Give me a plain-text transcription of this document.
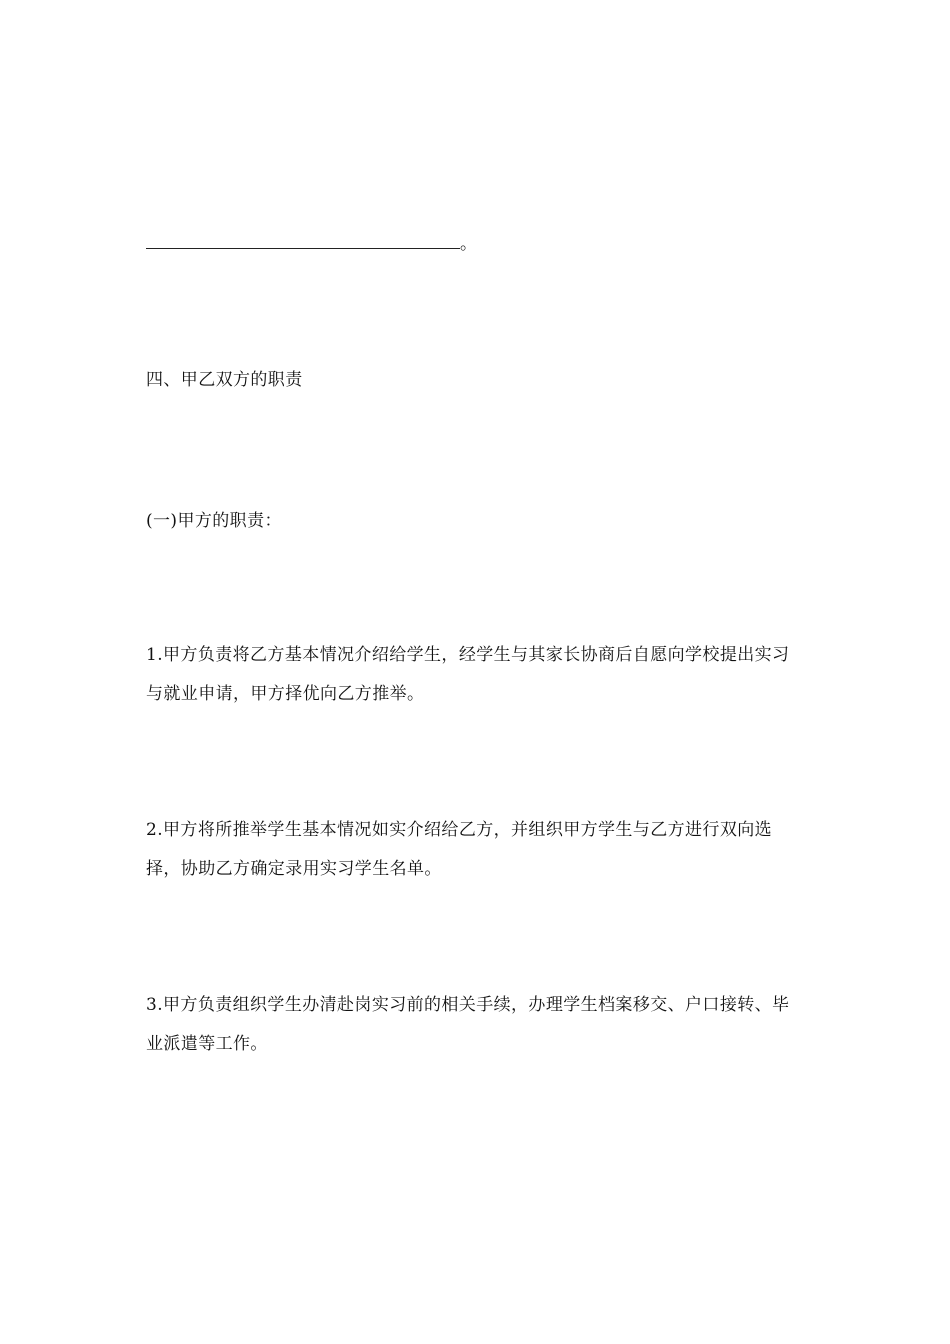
。

四、甲乙双方的职责

(一)甲方的职责：

1.甲方负责将乙方基本情况介绍给学生，经学生与其家长协商后自愿向学校提出实习与就业申请，甲方择优向乙方推举。

2.甲方将所推举学生基本情况如实介绍给乙方，并组织甲方学生与乙方进行双向选择，协助乙方确定录用实习学生名单。

3.甲方负责组织学生办清赴岗实习前的相关手续，办理学生档案移交、户口接转、毕业派遣等工作。
